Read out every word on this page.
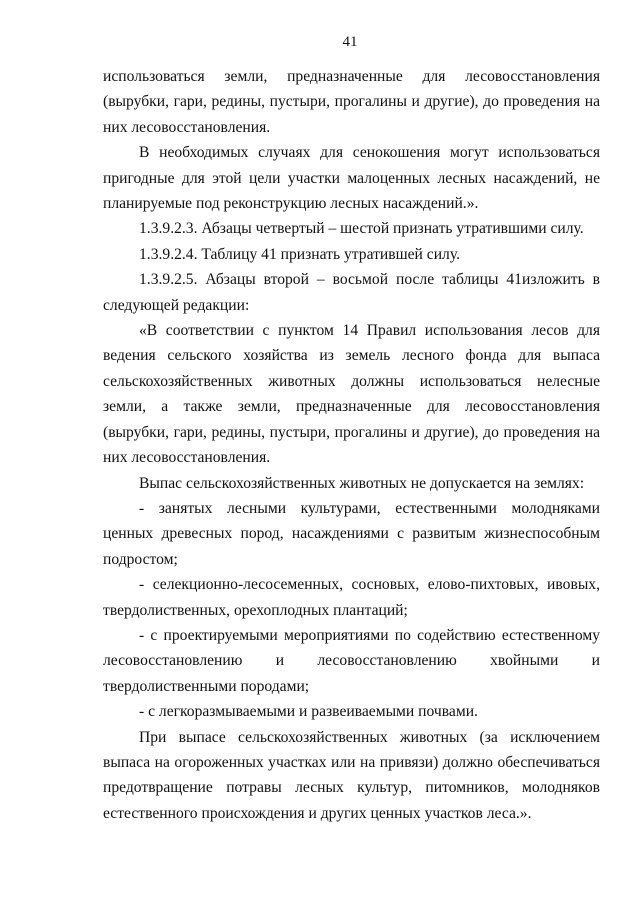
41

использоваться земли, предназначенные для лесовосстановления (вырубки, гари, редины, пустыри, прогалины и другие), до проведения на них лесовосстановления.

В необходимых случаях для сенокошения могут использоваться пригодные для этой цели участки малоценных лесных насаждений, не планируемые под реконструкцию лесных насаждений.».

1.3.9.2.3. Абзацы четвертый – шестой признать утратившими силу.

1.3.9.2.4. Таблицу 41 признать утратившей силу.

1.3.9.2.5. Абзацы второй – восьмой после таблицы 41изложить в следующей редакции:

«В соответствии с пунктом 14 Правил использования лесов для ведения сельского хозяйства из земель лесного фонда для выпаса сельскохозяйственных животных должны использоваться нелесные земли, а также земли, предназначенные для лесовосстановления (вырубки, гари, редины, пустыри, прогалины и другие), до проведения на них лесовосстановления.

Выпас сельскохозяйственных животных не допускается на землях:

- занятых лесными культурами, естественными молодняками ценных древесных пород, насаждениями с развитым жизнеспособным подростом;

- селекционно-лесосеменных, сосновых, елово-пихтовых, ивовых, твердолиственных, орехоплодных плантаций;

- с проектируемыми мероприятиями по содействию естественному лесовосстановлению и лесовосстановлению хвойными и твердолиственными породами;

- с легкоразмываемыми и развеиваемыми почвами.

При выпасе сельскохозяйственных животных (за исключением выпаса на огороженных участках или на привязи) должно обеспечиваться предотвращение потравы лесных культур, питомников, молодняков естественного происхождения и других ценных участков леса.».
